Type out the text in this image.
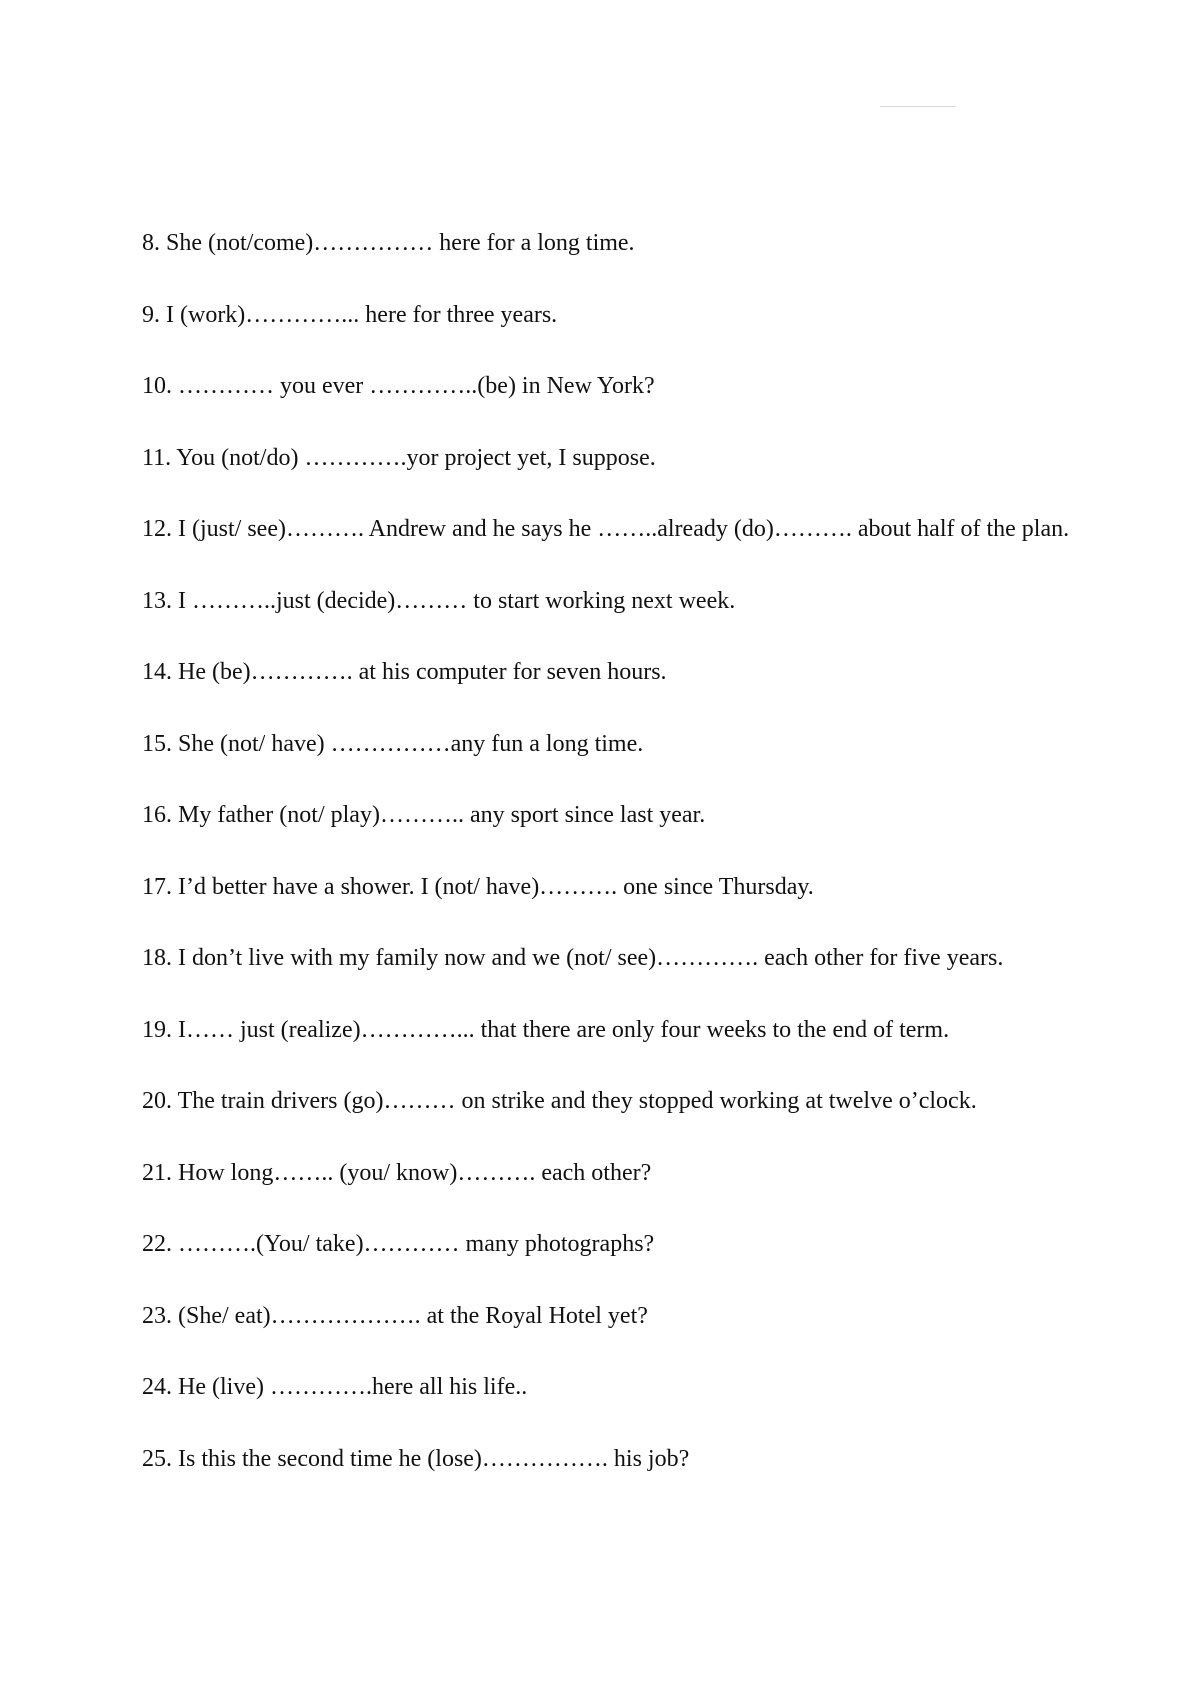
8. She (not/come)…………… here for a long time.
9. I (work)…………... here for three years.
10. ………… you ever …………..(be) in New York?
11. You (not/do) ………….yor project yet, I suppose.
12. I (just/ see)………. Andrew and he says he ……..already (do)………. about half of the plan.
13. I ………..just (decide)……… to start working next week.
14. He (be)…………. at his computer for seven hours.
15. She (not/ have) ……………any fun a long time.
16. My father (not/ play)……….. any sport since last year.
17. I’d better have a shower. I (not/ have)………. one since Thursday.
18. I don’t live with my family now and we (not/ see)…………. each other for five years.
19. I…… just (realize)…………... that there are only four weeks to the end of term.
20. The train drivers (go)……… on strike and they stopped working at twelve o’clock.
21. How long…….. (you/ know)………. each other?
22. ……….(You/ take)………… many photographs?
23. (She/ eat)………………. at the Royal Hotel yet?
24. He (live) ………….here all his life..
25. Is this the second time he (lose)……………. his job?
